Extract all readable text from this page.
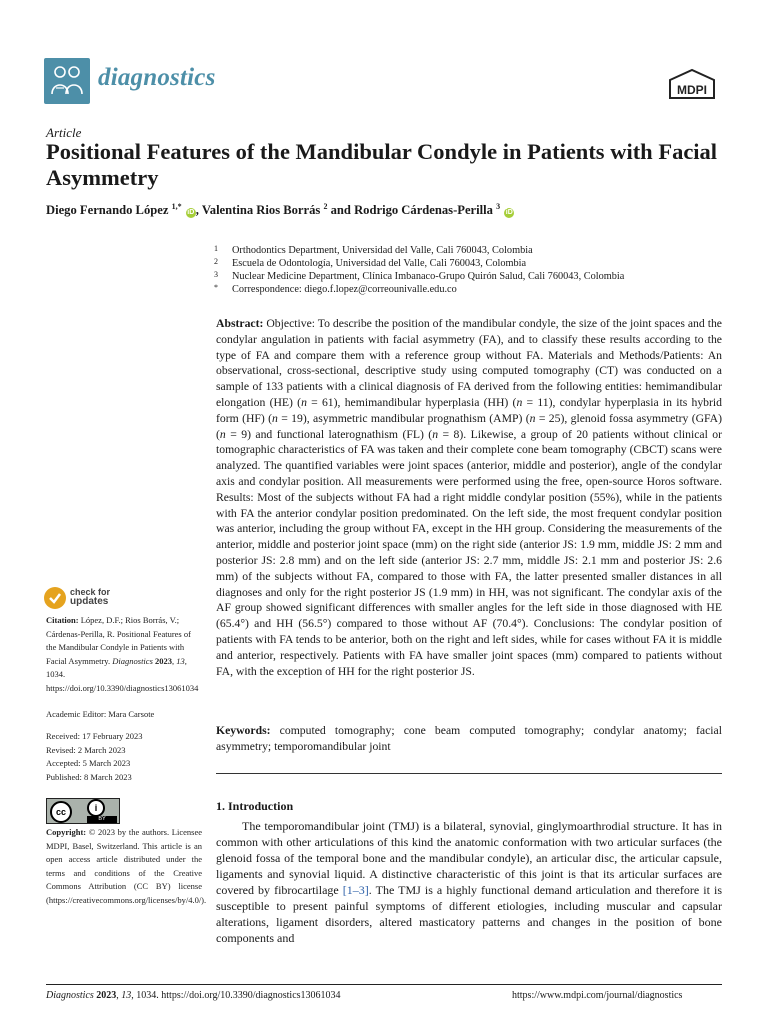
diagnostics	MDPI
Article
Positional Features of the Mandibular Condyle in Patients with Facial Asymmetry
Diego Fernando López $^{1,*}$ iD , Valentina Rios Borrás $^2$ and Rodrigo Cárdenas-Perilla $^3$ iD
1	Orthodontics Department, Universidad del Valle, Cali 760043, Colombia
2	Escuela de Odontología, Universidad del Valle, Cali 760043, Colombia
3	Nuclear Medicine Department, Clínica Imbanaco-Grupo Quirón Salud, Cali 760043, Colombia
*	Correspondence: diego.f.lopez@correounivalle.edu.co
Abstract: Objective: To describe the position of the mandibular condyle, the size of the joint spaces and the condylar angulation in patients with facial asymmetry (FA), and to classify these results according to the type of FA and compare them with a reference group without FA. Materials and Methods/Patients: An observational, cross-sectional, descriptive study using computed tomography (CT) was conducted on a sample of 133 patients with a clinical diagnosis of FA derived from the following entities: hemimandibular elongation (HE) (n = 61), hemimandibular hyperplasia (HH) (n = 11), condylar hyperplasia in its hybrid form (HF) (n = 19), asymmetric mandibular prognathism (AMP) (n = 25), glenoid fossa asymmetry (GFA) (n = 9) and functional laterognathism (FL) (n = 8). Likewise, a group of 20 patients without clinical or tomographic characteristics of FA was taken and their complete cone beam tomography (CBCT) scans were analyzed. The quantified variables were joint spaces (anterior, middle and posterior), angle of the condylar axis and condylar position. All measurements were performed using the free, open-source Horos software. Results: Most of the subjects without FA had a right middle condylar position (55%), while in the patients with FA the anterior condylar position predominated. On the left side, the most frequent condylar position was anterior, including the group without FA, except in the HH group. Considering the measurements of the anterior, middle and posterior joint space (mm) on the right side (anterior JS: 1.9 mm, middle JS: 2 mm and posterior JS: 2.8 mm) and on the left side (anterior JS: 2.7 mm, middle JS: 2.1 mm and posterior JS: 2.6 mm) of the subjects without FA, compared to those with FA, the latter presented smaller distances in all diagnoses and only for the right posterior JS (1.9 mm) in HH, was not significant. The condylar axis of the AF group showed significant differences with smaller angles for the left side in those diagnosed with HE (65.4°) and HH (56.5°) compared to those without AF (70.4°). Conclusions: The condylar position of patients with FA tends to be anterior, both on the right and left sides, while for cases without FA it is middle and anterior, respectively. Patients with FA have smaller joint spaces (mm) compared to patients without FA, with the exception of HH for the right posterior JS.
Keywords: computed tomography; cone beam computed tomography; condylar anatomy; facial asymmetry; temporomandibular joint
1. Introduction
The temporomandibular joint (TMJ) is a bilateral, synovial, ginglymoarthrodial structure. It has in common with other articulations of this kind the anatomic conformation with two articular surfaces (the glenoid fossa of the temporal bone and the mandibular condyle), an articular disc, the articular capsule, ligaments and synovial liquid. A distinctive characteristic of this joint is that its articular surfaces are covered by fibrocartilage [1–3]. The TMJ is a highly functional demand articulation and therefore it is susceptible to present painful symptoms of different etiologies, including muscular and capsular alterations, ligament disorders, altered masticatory patterns and changes in the position of bone components and
check for
updates
Citation: López, D.F.; Rios Borrás, V.; Cárdenas-Perilla, R. Positional Features of the Mandibular Condyle in Patients with Facial Asymmetry. Diagnostics 2023, 13, 1034. https://doi.org/10.3390/diagnostics13061034
Academic Editor: Mara Carsote
Received: 17 February 2023
Revised: 2 March 2023
Accepted: 5 March 2023
Published: 8 March 2023
cc	i
BY
Copyright: © 2023 by the authors. Licensee MDPI, Basel, Switzerland. This article is an open access article distributed under the terms and conditions of the Creative Commons Attribution (CC BY) license (https://creativecommons.org/licenses/by/4.0/).
Diagnostics 2023, 13, 1034. https://doi.org/10.3390/diagnostics13061034	https://www.mdpi.com/journal/diagnostics
